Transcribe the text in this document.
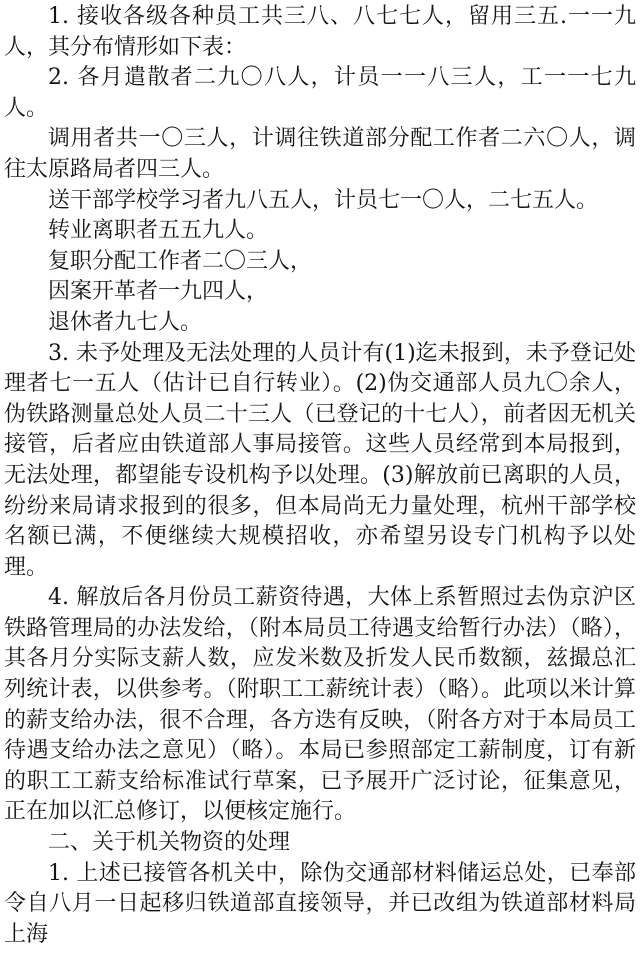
1. 接收各级各种员工共三八、八七七人，留用三五.一一九人，其分布情形如下表：

2. 各月遣散者二九〇八人，计员一一八三人，工一一七九人。

调用者共一〇三人，计调往铁道部分配工作者二六〇人，调往太原路局者四三人。

送干部学校学习者九八五人，计员七一〇人，二七五人。

转业离职者五五九人。

复职分配工作者二〇三人，

因案开革者一九四人，

退休者九七人。

3. 未予处理及无法处理的人员计有(1)迄未报到，未予登记处理者七一五人（估计已自行转业）。(2)伪交通部人员九〇余人，伪铁路测量总处人员二十三人（已登记的十七人），前者因无机关接管，后者应由铁道部人事局接管。这些人员经常到本局报到，无法处理，都望能专设机构予以处理。(3)解放前已离职的人员，纷纷来局请求报到的很多，但本局尚无力量处理，杭州干部学校名额已满，不便继续大规模招收，亦希望另设专门机构予以处理。

4. 解放后各月份员工薪资待遇，大体上系暂照过去伪京沪区铁路管理局的办法发给，（附本局员工待遇支给暂行办法）（略），其各月分实际支薪人数，应发米数及折发人民币数额，兹撮总汇列统计表，以供参考。（附职工工薪统计表）（略）。此项以米计算的薪支给办法，很不合理，各方迭有反映，（附各方对于本局员工待遇支给办法之意见）（略）。本局已参照部定工薪制度，订有新的职工工薪支给标准试行草案，已予展开广泛讨论，征集意见，正在加以汇总修订，以便核定施行。

二、关于机关物资的处理

1. 上述已接管各机关中，除伪交通部材料储运总处，已奉部令自八月一日起移归铁道部直接领导，并已改组为铁道部材料局上海
